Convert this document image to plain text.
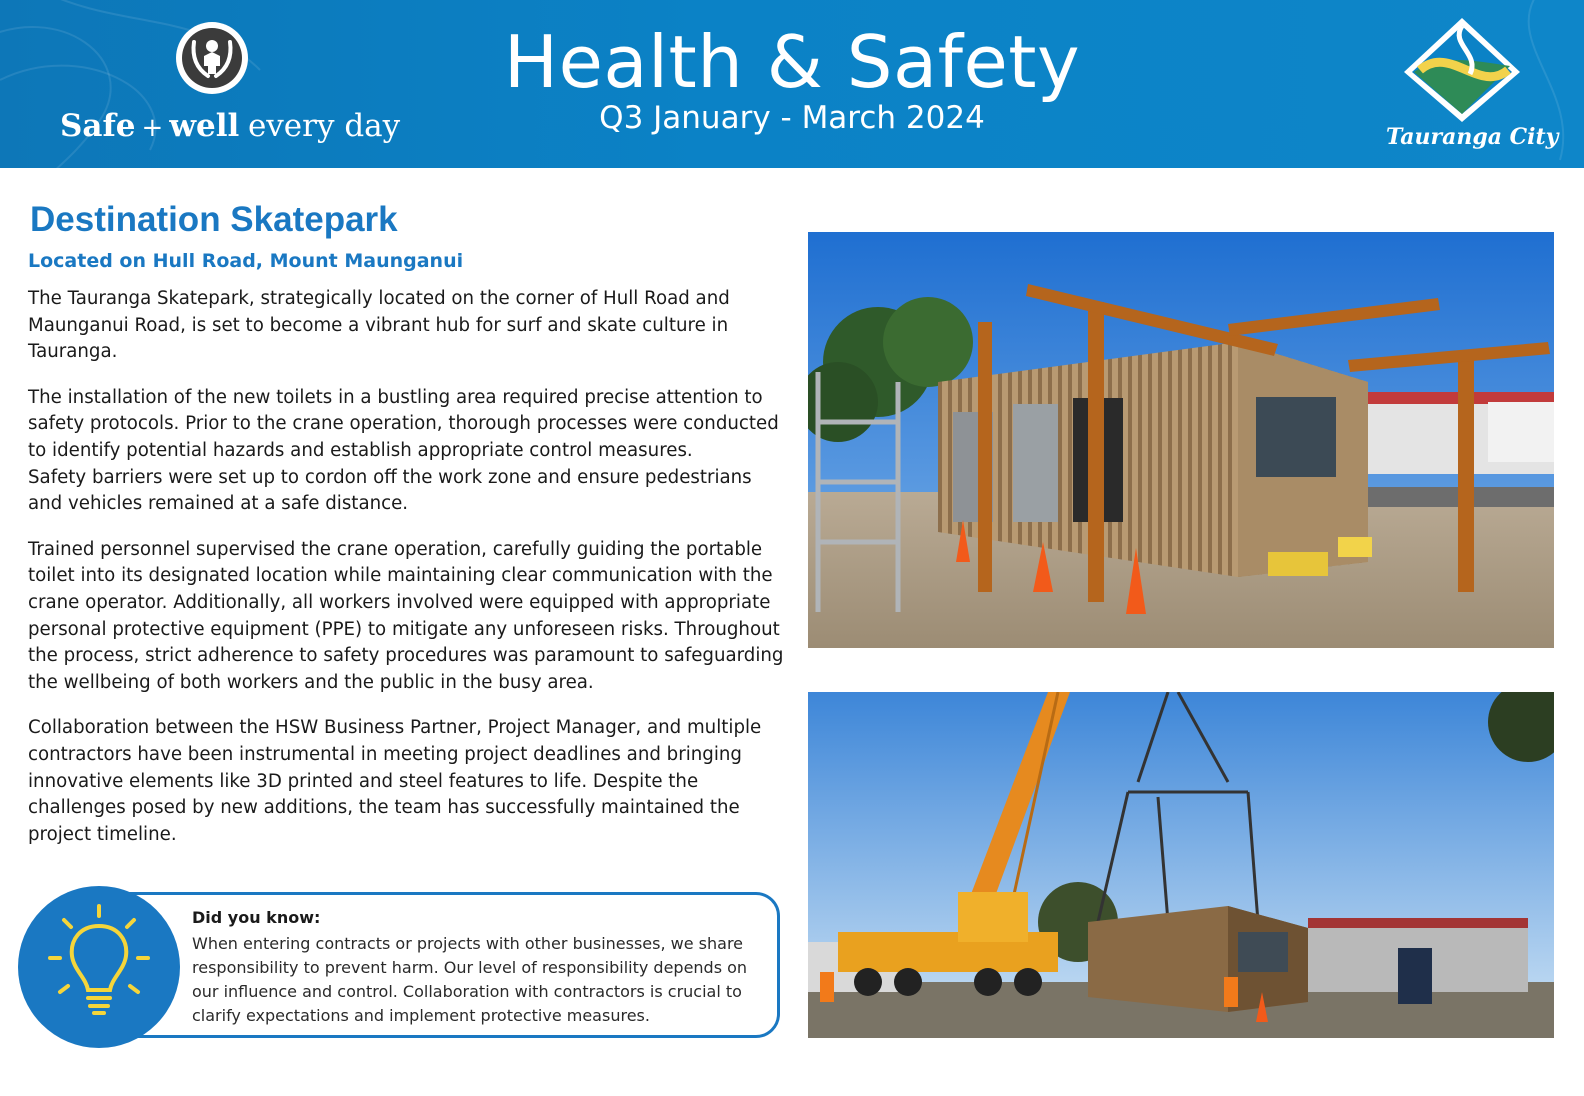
Safe + well every day
Health & Safety
Q3 January - March 2024
Tauranga City
Destination Skatepark
Located on Hull Road, Mount Maunganui

The Tauranga Skatepark, strategically located on the corner of Hull Road and Maunganui Road, is set to become a vibrant hub for surf and skate culture in Tauranga.

The installation of the new toilets in a bustling area required precise attention to safety protocols. Prior to the crane operation, thorough processes were conducted to identify potential hazards and establish appropriate control measures.

Safety barriers were set up to cordon off the work zone and ensure pedestrians and vehicles remained at a safe distance.

Trained personnel supervised the crane operation, carefully guiding the portable toilet into its designated location while maintaining clear communication with the crane operator. Additionally, all workers involved were equipped with appropriate personal protective equipment (PPE) to mitigate any unforeseen risks. Throughout the process, strict adherence to safety procedures was paramount to safeguarding the wellbeing of both workers and the public in the busy area.

Collaboration between the HSW Business Partner, Project Manager, and multiple contractors have been instrumental in meeting project deadlines and bringing innovative elements like 3D printed and steel features to life. Despite the challenges posed by new additions, the team has successfully maintained the project timeline.

Did you know:
When entering contracts or projects with other businesses, we share responsibility to prevent harm. Our level of responsibility depends on our influence and control. Collaboration with contractors is crucial to clarify expectations and implement protective measures.
